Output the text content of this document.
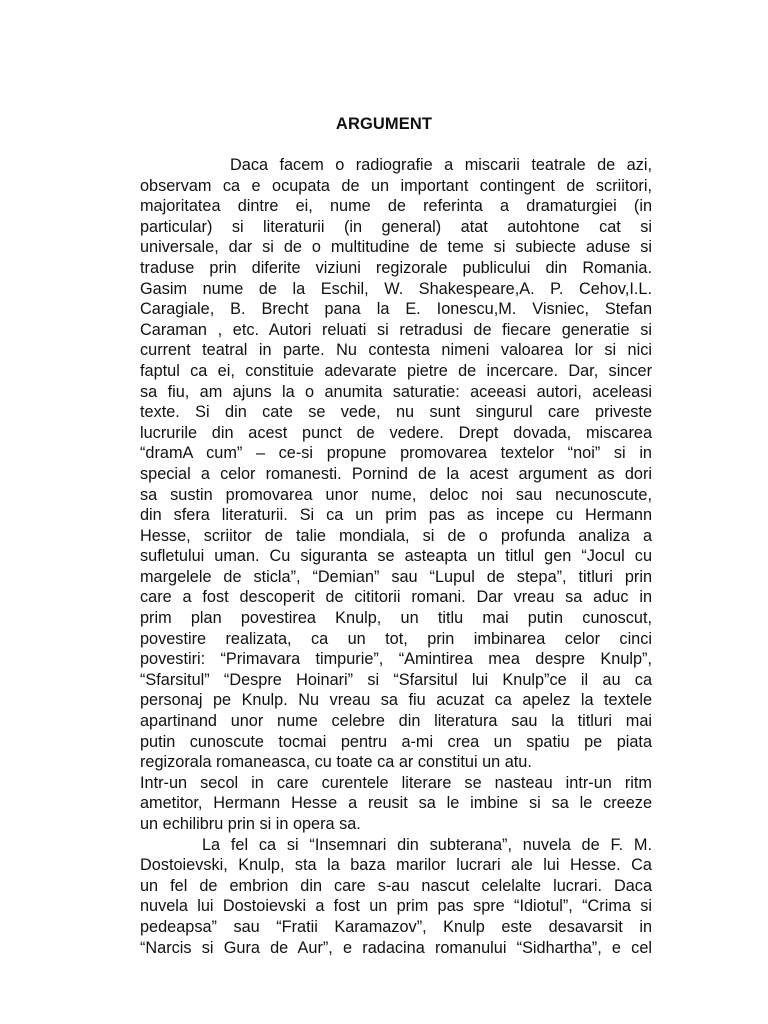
ARGUMENT
Daca facem o radiografie a miscarii teatrale de azi,
observam ca e ocupata de un important contingent de scriitori,
majoritatea dintre ei, nume de referinta a dramaturgiei (in
particular) si literaturii (in general) atat autohtone cat si
universale, dar si de o multitudine de teme si subiecte aduse si
traduse prin diferite viziuni regizorale publicului din Romania.
Gasim nume de la Eschil, W. Shakespeare,A. P. Cehov,I.L.
Caragiale, B. Brecht pana la E. Ionescu,M. Visniec, Stefan
Caraman , etc. Autori reluati si retradusi de fiecare generatie si
current teatral in parte. Nu contesta nimeni valoarea lor si nici
faptul ca ei, constituie adevarate pietre de incercare. Dar, sincer
sa fiu, am ajuns la o anumita saturatie: aceeasi autori, aceleasi
texte. Si din cate se vede, nu sunt singurul care priveste
lucrurile din acest punct de vedere. Drept dovada, miscarea
“dramA cum” – ce-si propune promovarea textelor “noi” si in
special a celor romanesti. Pornind de la acest argument as dori
sa sustin promovarea unor nume, deloc noi sau necunoscute,
din sfera literaturii. Si ca un prim pas as incepe cu Hermann
Hesse, scriitor de talie mondiala, si de o profunda analiza a
sufletului uman. Cu siguranta se asteapta un titlul gen “Jocul cu
margelele de sticla”, “Demian” sau “Lupul de stepa”, titluri prin
care a fost descoperit de cititorii romani. Dar vreau sa aduc in
prim plan povestirea Knulp, un titlu mai putin cunoscut,
povestire realizata, ca un tot, prin imbinarea celor cinci
povestiri: “Primavara timpurie”, “Amintirea mea despre Knulp”,
“Sfarsitul” “Despre Hoinari” si “Sfarsitul lui Knulp”ce il au ca
personaj pe Knulp. Nu vreau sa fiu acuzat ca apelez la textele
apartinand unor nume celebre din literatura sau la titluri mai
putin cunoscute tocmai pentru a-mi crea un spatiu pe piata
regizorala romaneasca, cu toate ca ar constitui un atu.
Intr-un secol in care curentele literare se nasteau intr-un ritm
ametitor, Hermann Hesse a reusit sa le imbine si sa le creeze
un echilibru prin si in opera sa.
La fel ca si “Insemnari din subterana”, nuvela de F. M.
Dostoievski, Knulp, sta la baza marilor lucrari ale lui Hesse. Ca
un fel de embrion din care s-au nascut celelalte lucrari. Daca
nuvela lui Dostoievski a fost un prim pas spre “Idiotul”, “Crima si
pedeapsa” sau “Fratii Karamazov”, Knulp este desavarsit in
“Narcis si Gura de Aur”, e radacina romanului “Sidhartha”, e cel
